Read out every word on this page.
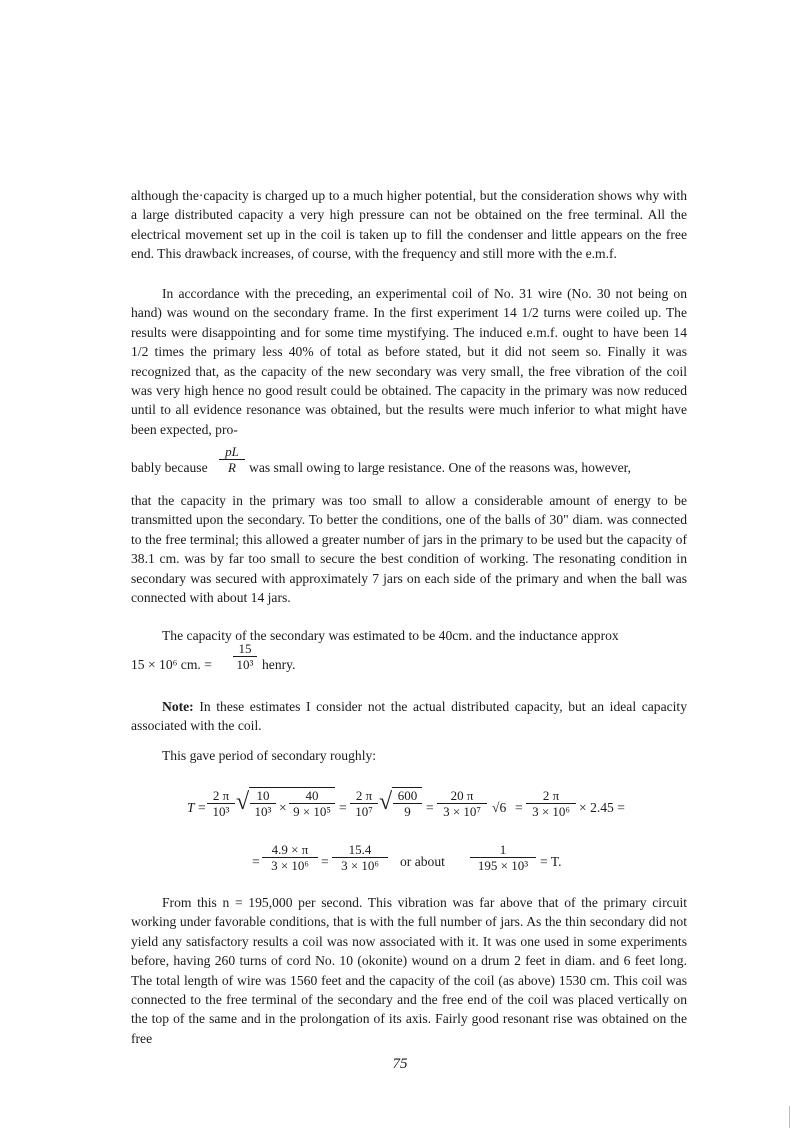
although the·capacity is charged up to a much higher potential, but the consideration shows why with a large distributed capacity a very high pressure can not be obtained on the free terminal. All the electrical movement set up in the coil is taken up to fill the condenser and little appears on the free end. This drawback increases, of course, with the frequency and still more with the e.m.f.
In accordance with the preceding, an experimental coil of No. 31 wire (No. 30 not being on hand) was wound on the secondary frame. In the first experiment 14 1/2 turns were coiled up. The results were disappointing and for some time mystifying. The induced e.m.f. ought to have been 14 1/2 times the primary less 40% of total as before stated, but it did not seem so. Finally it was recognized that, as the capacity of the new secondary was very small, the free vibration of the coil was very high hence no good result could be obtained. The capacity in the primary was now reduced until to all evidence resonance was obtained, but the results were much inferior to what might have been expected, pro-
bably because $\frac{pL}{R}$ was small owing to large resistance. One of the reasons was, however,
that the capacity in the primary was too small to allow a considerable amount of energy to be transmitted upon the secondary. To better the conditions, one of the balls of 30" diam. was connected to the free terminal; this allowed a greater number of jars in the primary to be used but the capacity of 38.1 cm. was by far too small to secure the best condition of working. The resonating condition in secondary was secured with approximately 7 jars on each side of the primary and when the ball was connected with about 14 jars.
The capacity of the secondary was estimated to be 40cm. and the inductance approx
15 × 10⁶ cm. = $\frac{15}{\text{10³}}$ henry.
Note: In these estimates I consider not the actual distributed capacity, but an ideal capacity associated with the coil.
This gave period of secondary roughly:
$T = \frac{2 \pi}{\text{10³}}$ √ $\frac{10}{\text{10³}} \times \frac{40}{\text{9 × 10⁵}} = \frac{2 \pi}{\text{10⁷}}$ √ $\frac{600}{9} = \frac{20 \pi}{\text{3 × 10⁷}} √6 = \frac{2 \pi}{\text{3 × 10⁶}} \times 2.45$ =
= $\frac{4.9 \times \pi}{\text{3 × 10⁶}} = \frac{15.4}{\text{3 × 10⁶}}$ or about $\frac{1}{\text{195 × 10³}} = T$.
From this n = 195,000 per second. This vibration was far above that of the primary circuit working under favorable conditions, that is with the full number of jars. As the thin secondary did not yield any satisfactory results a coil was now associated with it. It was one used in some experiments before, having 260 turns of cord No. 10 (okonite) wound on a drum 2 feet in diam. and 6 feet long. The total length of wire was 1560 feet and the capacity of the coil (as above) 1530 cm. This coil was connected to the free terminal of the secondary and the free end of the coil was placed vertically on the top of the same and in the prolongation of its axis. Fairly good resonant rise was obtained on the free
75
